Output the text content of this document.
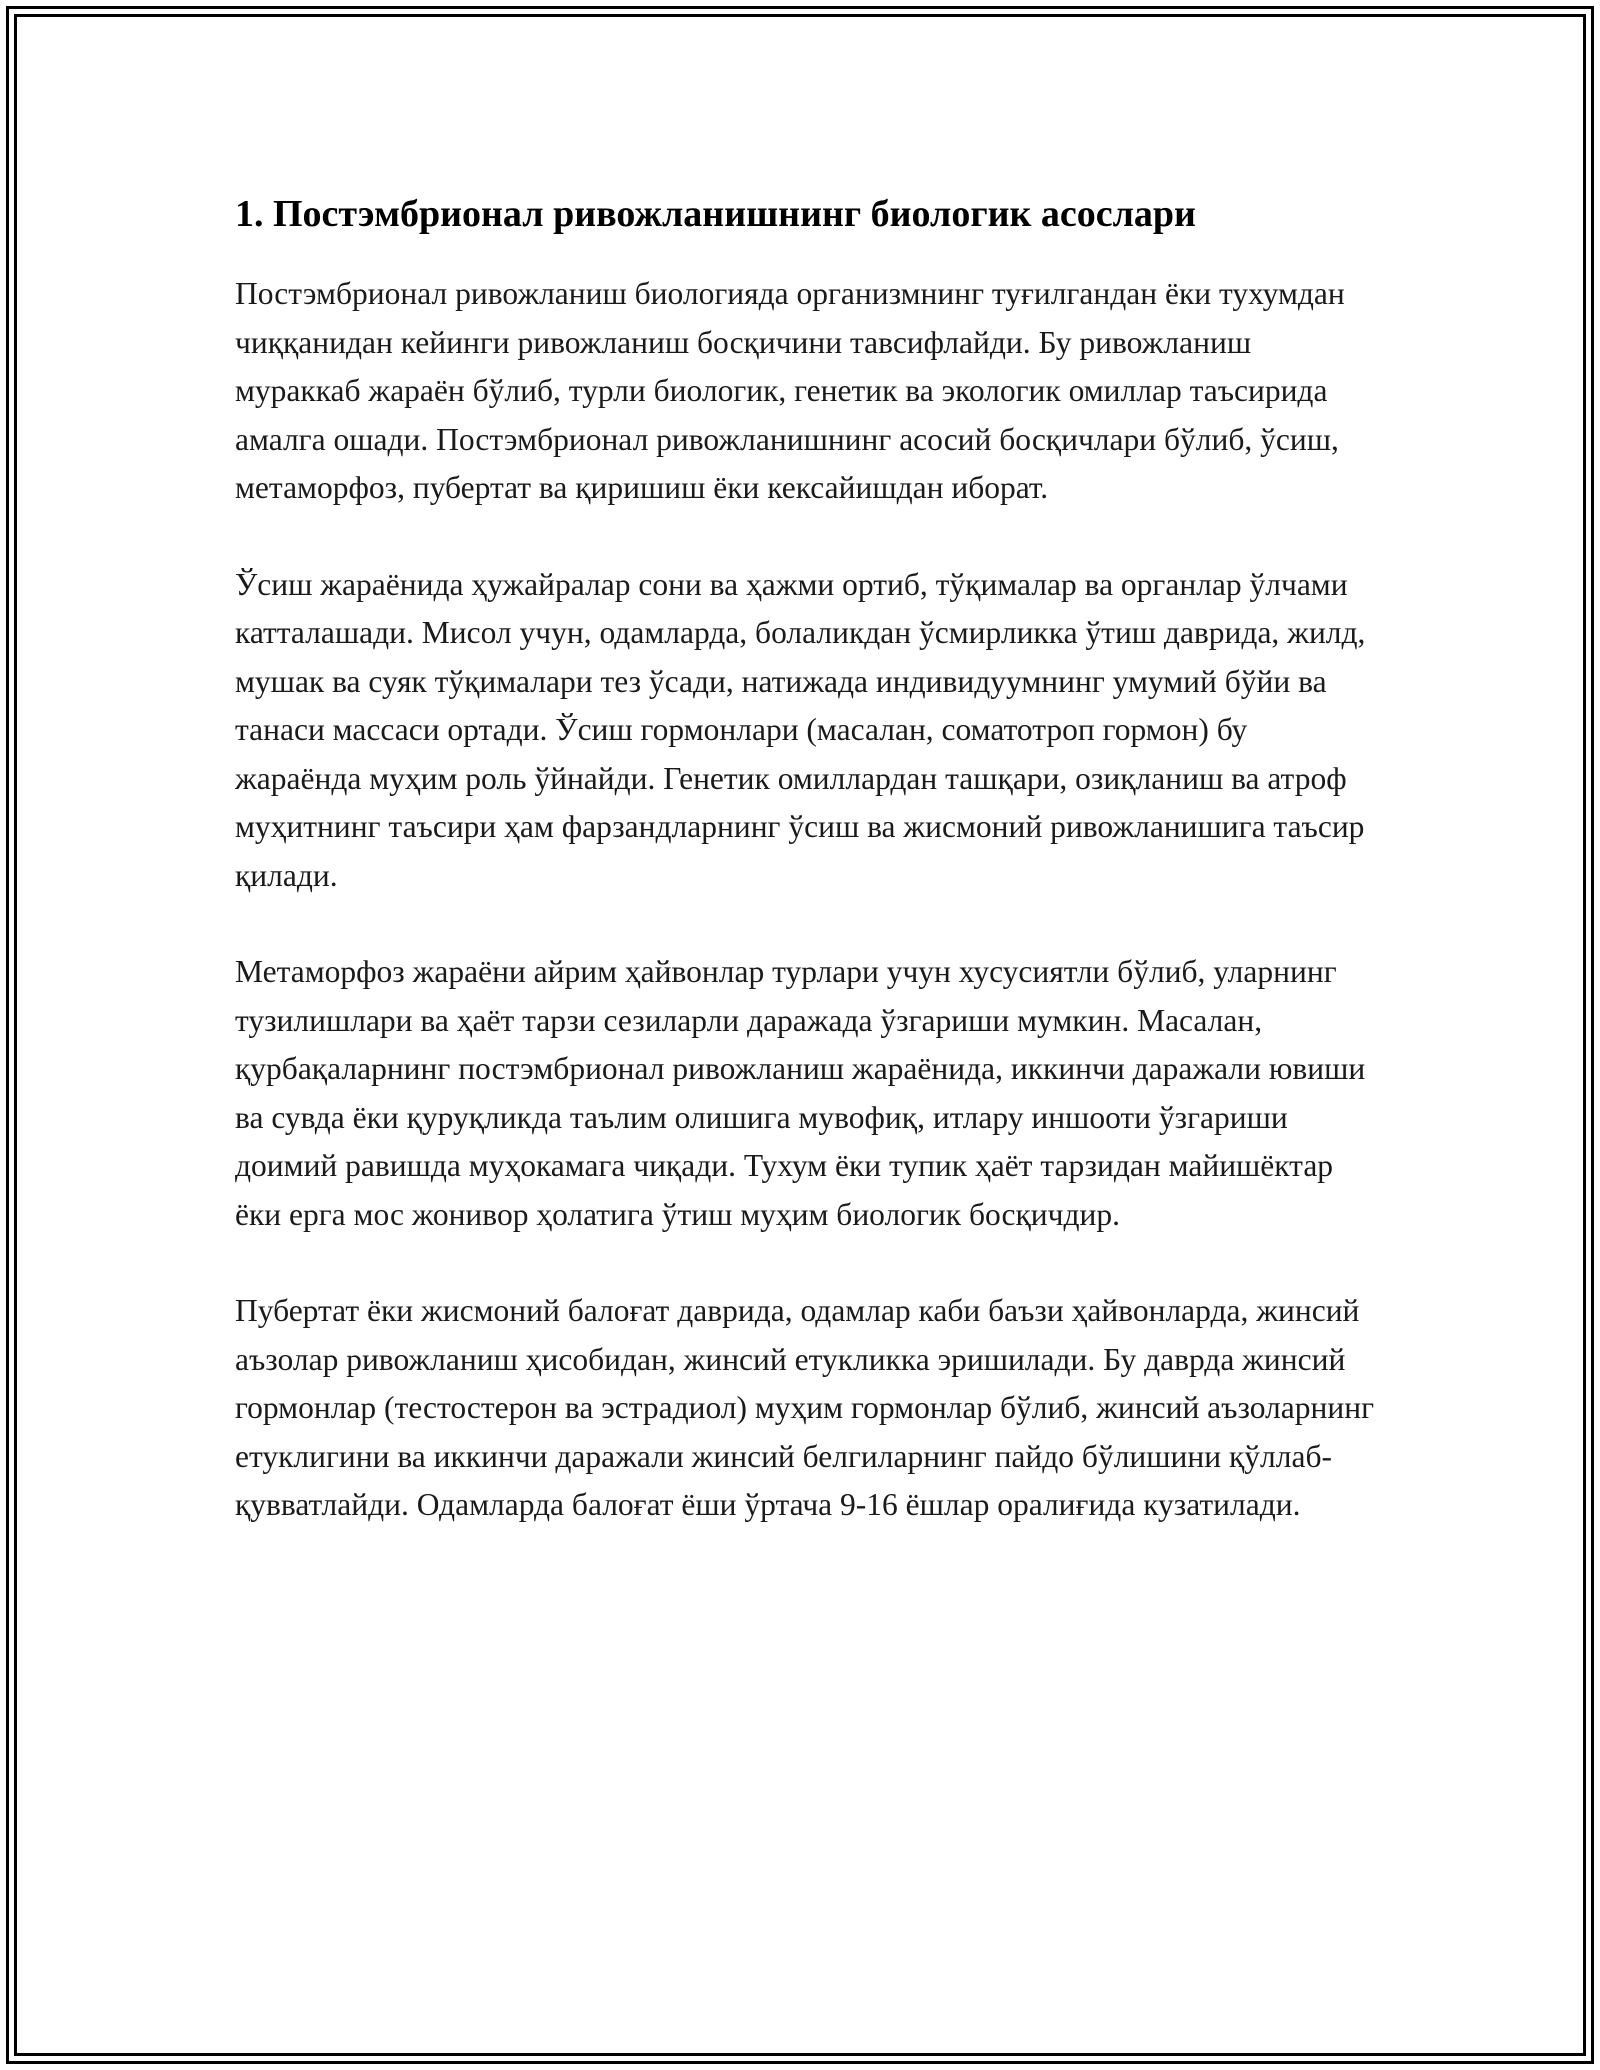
1. Постэмбрионал ривожланишнинг биологик асослари

Постэмбрионал ривожланиш биологияда организмнинг туғилгандан ёки тухумдан чиққанидан кейинги ривожланиш босқичини тавсифлайди. Бу ривожланиш мураккаб жараён бўлиб, турли биологик, генетик ва экологик омиллар таъсирида амалга ошади. Постэмбрионал ривожланишнинг асосий босқичлари бўлиб, ўсиш, метаморфоз, пубертат ва қиришиш ёки кексайишдан иборат.

Ўсиш жараёнида ҳужайралар сони ва ҳажми ортиб, тўқималар ва органлар ўлчами катталашади. Мисол учун, одамларда, болаликдан ўсмирликка ўтиш даврида, жилд, мушак ва суяк тўқималари тез ўсади, натижада индивидуумнинг умумий бўйи ва танаси массаси ортади. Ўсиш гормонлари (масалан, соматотроп гормон) бу жараёнда муҳим роль ўйнайди. Генетик омиллардан ташқари, озиқланиш ва атроф муҳитнинг таъсири ҳам фарзандларнинг ўсиш ва жисмоний ривожланишига таъсир қилади.

Метаморфоз жараёни айрим ҳайвонлар турлари учун хусусиятли бўлиб, уларнинг тузилишлари ва ҳаёт тарзи сезиларли даражада ўзгариши мумкин. Масалан, қурбақаларнинг постэмбрионал ривожланиш жараёнида, иккинчи даражали ювиши ва сувда ёки қуруқликда таълим олишига мувофиқ, итлару иншооти ўзгариши доимий равишда муҳокамага чиқади. Тухум ёки тупик ҳаёт тарзидан майишёктар ёки ерга мос жонивор ҳолатига ўтиш муҳим биологик босқичдир.

Пубертат ёки жисмоний балоғат даврида, одамлар каби баъзи ҳайвонларда, жинсий аъзолар ривожланиш ҳисобидан, жинсий етукликка эришилади. Бу даврда жинсий гормонлар (тестостерон ва эстрадиол) муҳим гормонлар бўлиб, жинсий аъзоларнинг етуклигини ва иккинчи даражали жинсий белгиларнинг пайдо бўлишини қўллаб-қувватлайди. Одамларда балоғат ёши ўртача 9-16 ёшлар оралиғида кузатилади.
